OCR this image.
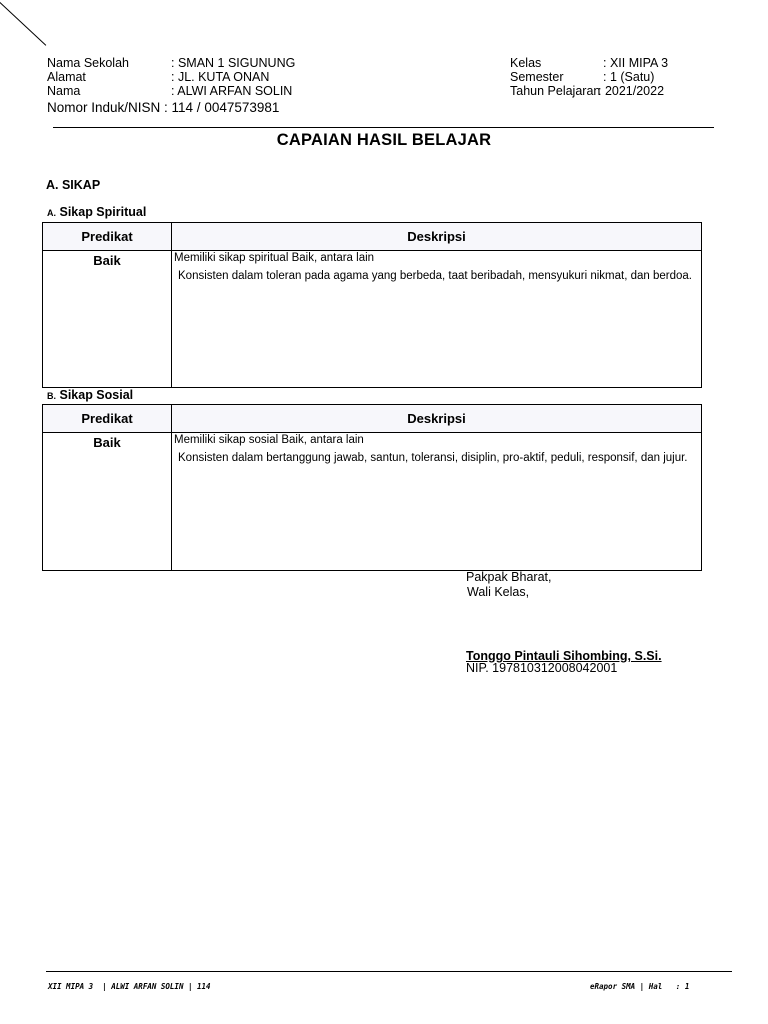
Nama Sekolah	: SMAN 1 SIGUNUNG
Alamat	: JL. KUTA ONAN
Nama	: ALWI ARFAN SOLIN
Nomor Induk/NISN : 114 / 0047573981
Kelas	: XII MIPA 3
Semester	: 1 (Satu)
Tahun Pelajaran
: 2021/2022
CAPAIAN HASIL BELAJAR
A. SIKAP
A. Sikap Spiritual
Predikat	Deskripsi
Baik	Memiliki sikap spiritual Baik, antara lain
Konsisten dalam toleran pada agama yang berbeda, taat beribadah, mensyukuri nikmat, dan berdoa.
B. Sikap Sosial
Predikat	Deskripsi
Baik	Memiliki sikap sosial Baik, antara lain
Konsisten dalam bertanggung jawab, santun, toleransi, disiplin, pro-aktif, peduli, responsif, dan jujur.
Pakpak Bharat,
Wali Kelas,
Tonggo Pintauli Sihombing, S.Si.
NIP. 197810312008042001
XII MIPA 3  | ALWI ARFAN SOLIN | 114	eRapor SMA | Hal   : 1
